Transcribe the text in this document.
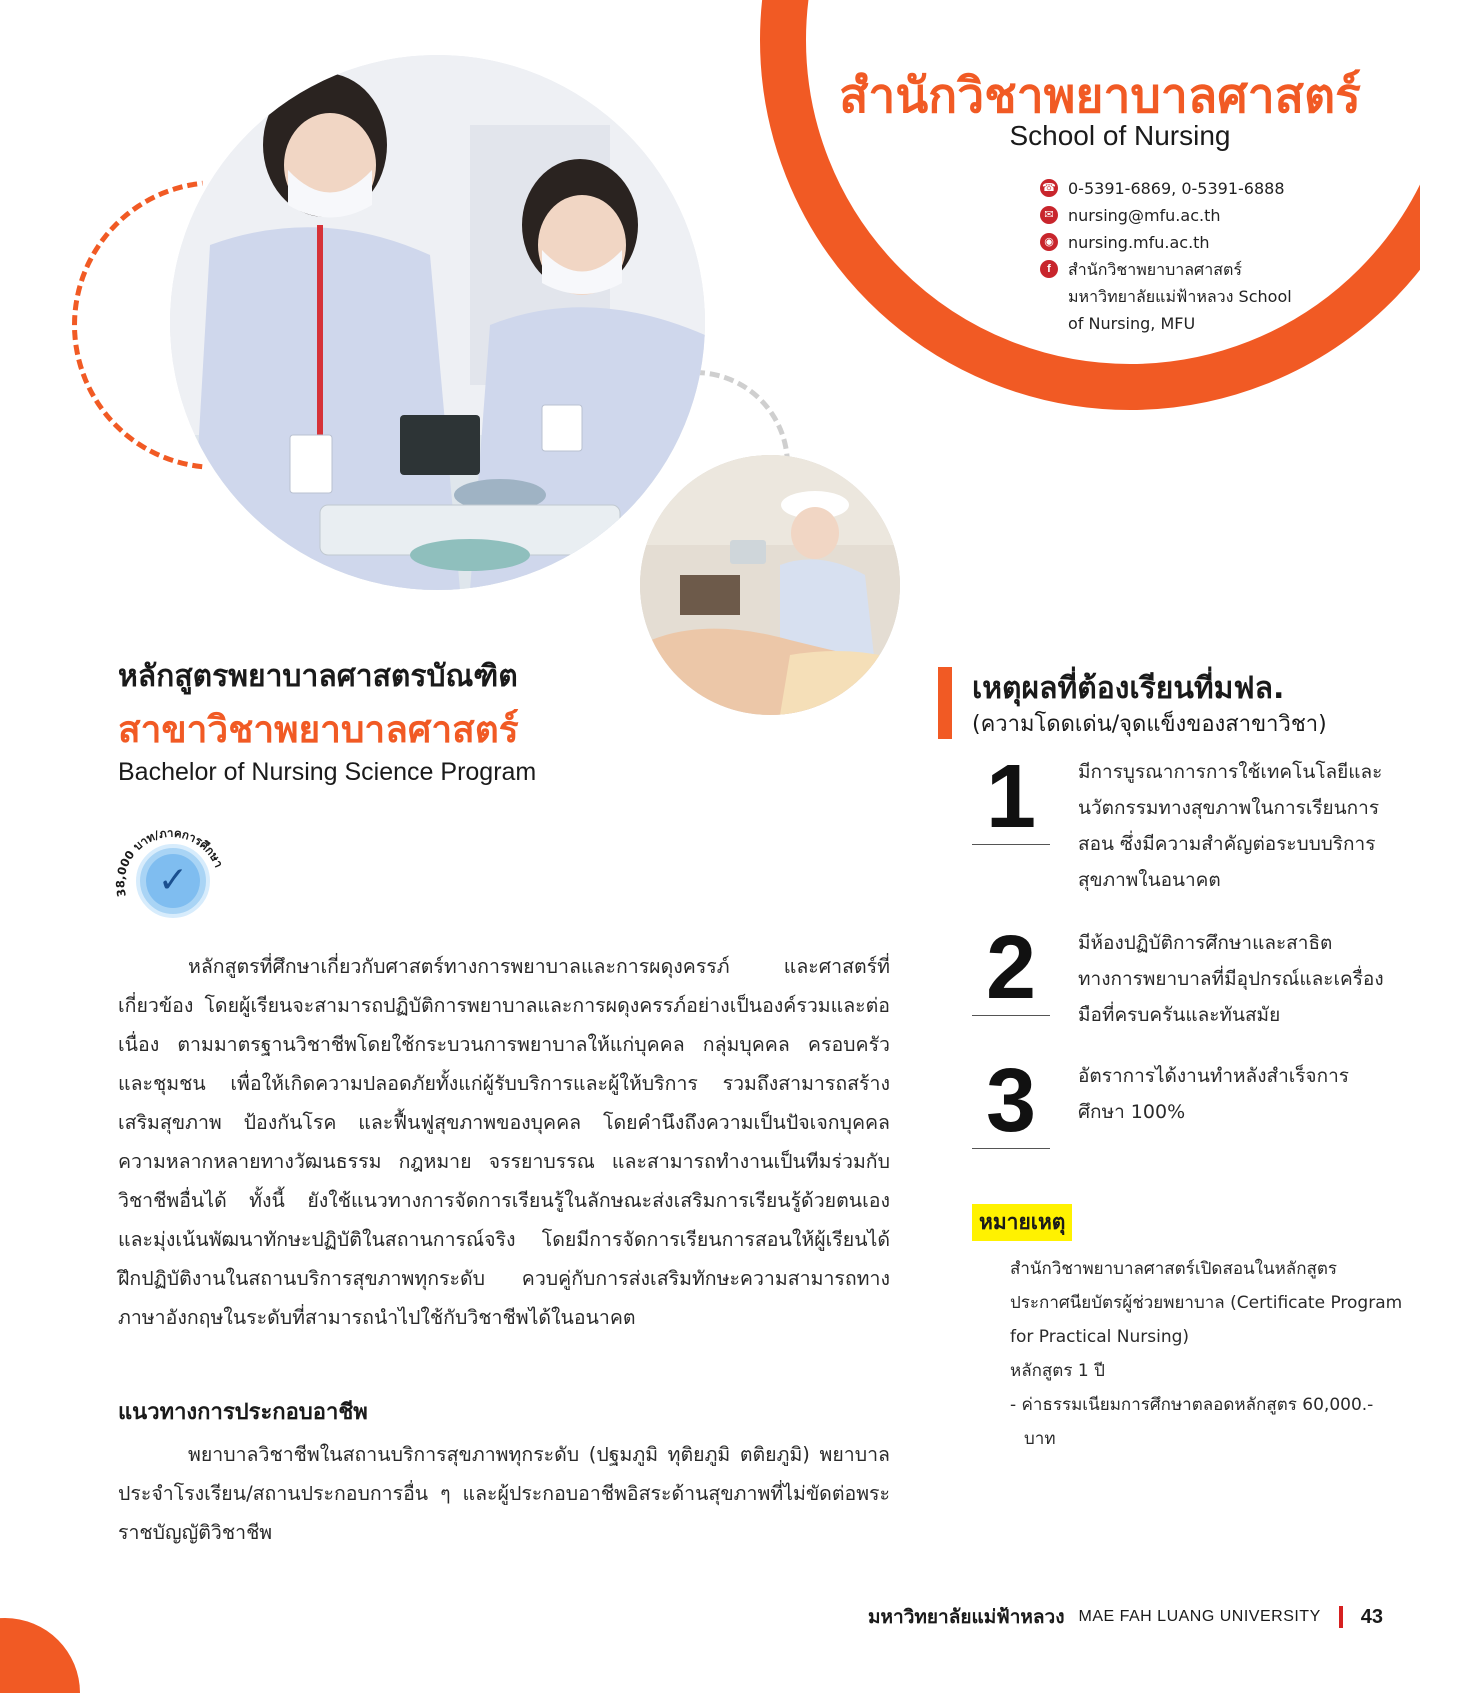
สำนักวิชาพยาบาลศาสตร์
School of Nursing
☎ 0-5391-6869, 0-5391-6888
✉ nursing@mfu.ac.th
◉ nursing.mfu.ac.th
f	สำนักวิชาพยาบาลศาสตร์
มหาวิทยาลัยแม่ฟ้าหลวง School
of Nursing, MFU
หลักสูตรพยาบาลศาสตรบัณฑิต
สาขาวิชาพยาบาลศาสตร์
Bachelor of Nursing Science Program
38,000 บาท/ภาคการศึกษา
✓
หลักสูตรที่ศึกษาเกี่ยวกับศาสตร์ทางการพยาบาลและการผดุงครรภ์ และศาสตร์ที่เกี่ยวข้อง โดยผู้เรียนจะสามารถปฏิบัติการพยาบาลและการผดุงครรภ์อย่างเป็นองค์รวมและต่อเนื่อง ตามมาตรฐานวิชาชีพโดยใช้กระบวนการพยาบาลให้แก่บุคคล กลุ่มบุคคล ครอบครัว และชุมชน เพื่อให้เกิดความปลอดภัยทั้งแก่ผู้รับบริการและผู้ให้บริการ รวมถึงสามารถสร้างเสริมสุขภาพ ป้องกันโรค และฟื้นฟูสุขภาพของบุคคล โดยคำนึงถึงความเป็นปัจเจกบุคคล ความหลากหลายทางวัฒนธรรม กฎหมาย จรรยาบรรณ และสามารถทำงานเป็นทีมร่วมกับวิชาชีพอื่นได้ ทั้งนี้ ยังใช้แนวทางการจัดการเรียนรู้ในลักษณะส่งเสริมการเรียนรู้ด้วยตนเอง และมุ่งเน้นพัฒนาทักษะปฏิบัติในสถานการณ์จริง โดยมีการจัดการเรียนการสอนให้ผู้เรียนได้ฝึกปฏิบัติงานในสถานบริการสุขภาพทุกระดับ ควบคู่กับการส่งเสริมทักษะความสามารถทางภาษาอังกฤษในระดับที่สามารถนำไปใช้กับวิชาชีพได้ในอนาคต
แนวทางการประกอบอาชีพ
พยาบาลวิชาชีพในสถานบริการสุขภาพทุกระดับ (ปฐมภูมิ ทุติยภูมิ ตติยภูมิ) พยาบาลประจำโรงเรียน/สถานประกอบการอื่น ๆ และผู้ประกอบอาชีพอิสระด้านสุขภาพที่ไม่ขัดต่อพระราชบัญญัติวิชาชีพ
เหตุผลที่ต้องเรียนที่มฟล.
(ความโดดเด่น/จุดแข็งของสาขาวิชา)
1	มีการบูรณาการการใช้เทคโนโลยีและนวัตกรรมทางสุขภาพในการเรียนการสอน ซึ่งมีความสำคัญต่อระบบบริการสุขภาพในอนาคต
2	มีห้องปฏิบัติการศึกษาและสาธิตทางการพยาบาลที่มีอุปกรณ์และเครื่องมือที่ครบครันและทันสมัย
3	อัตราการได้งานทำหลังสำเร็จการศึกษา 100%
หมายเหตุ
สำนักวิชาพยาบาลศาสตร์เปิดสอนในหลักสูตรประกาศนียบัตรผู้ช่วยพยาบาล (Certificate Program for Practical Nursing)
หลักสูตร 1 ปี
- ค่าธรรมเนียมการศึกษาตลอดหลักสูตร 60,000.- บาท
มหาวิทยาลัยแม่ฟ้าหลวง MAE FAH LUANG UNIVERSITY 43
